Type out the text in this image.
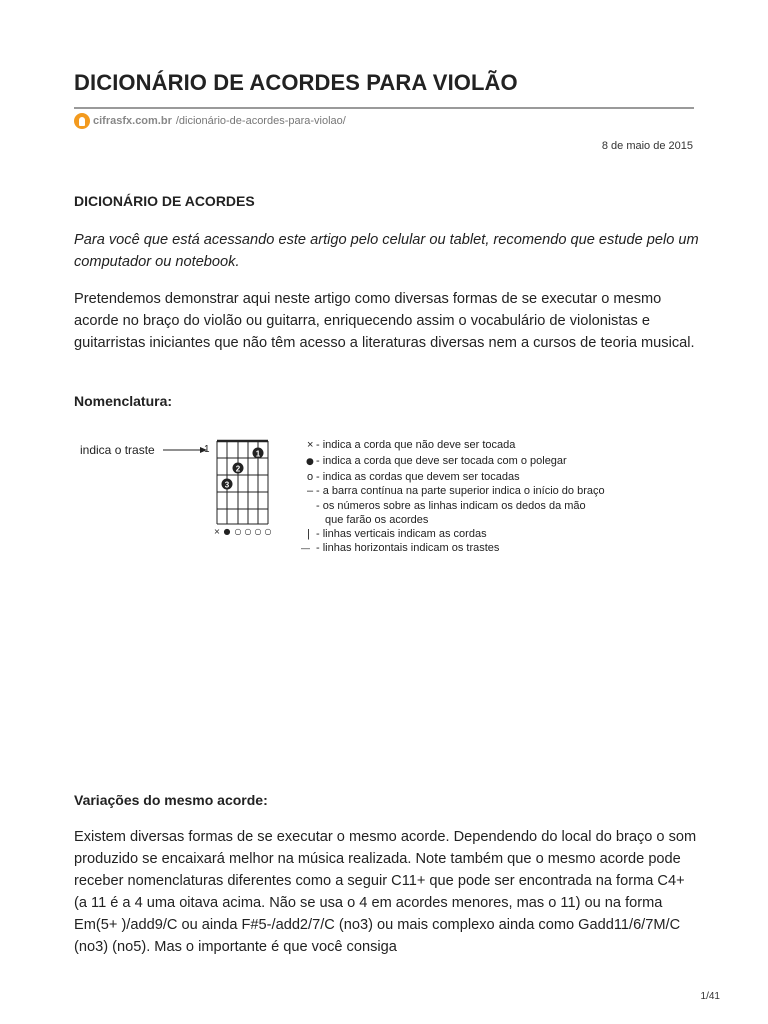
DICIONÁRIO DE ACORDES PARA VIOLÃO
cifrasfx.com.br /dicionário-de-acordes-para-violao/
8 de maio de 2015
DICIONÁRIO DE ACORDES

Para você que está acessando este artigo pelo celular ou tablet, recomendo que estude pelo um computador ou notebook.

Pretendemos demonstrar aqui neste artigo como diversas formas de se executar o mesmo acorde no braço do violão ou guitarra, enriquecendo assim o vocabulário de violonistas e guitarristas iniciantes que não têm acesso a literaturas diversas nem a cursos de teoria musical.

Nomenclatura:
indica o traste	1	1
2
3
× ● ○ ○ ○ ○
× - indica a corda que não deve ser tocada
● - indica a corda que deve ser tocada com o polegar
o - indica as cordas que devem ser tocadas
– - a barra contínua na parte superior indica o início do braço
- os números sobre as linhas indicam os dedos da mão
que farão os acordes
| - linhas verticais indicam as cordas
— - linhas horizontais indicam os trastes
Variações do mesmo acorde:

Existem diversas formas de se executar o mesmo acorde. Dependendo do local do braço o som produzido se encaixará melhor na música realizada. Note também que o mesmo acorde pode receber nomenclaturas diferentes como a seguir C11+ que pode ser encontrada na forma C4+ (a 11 é a 4 uma oitava acima. Não se usa o 4 em acordes menores, mas o 11) ou na forma Em(5+ )/add9/C ou ainda F#5-/add2/7/C (no3) ou mais complexo ainda como Gadd11/6/7M/C (no3) (no5). Mas o importante é que você consiga

1/41
